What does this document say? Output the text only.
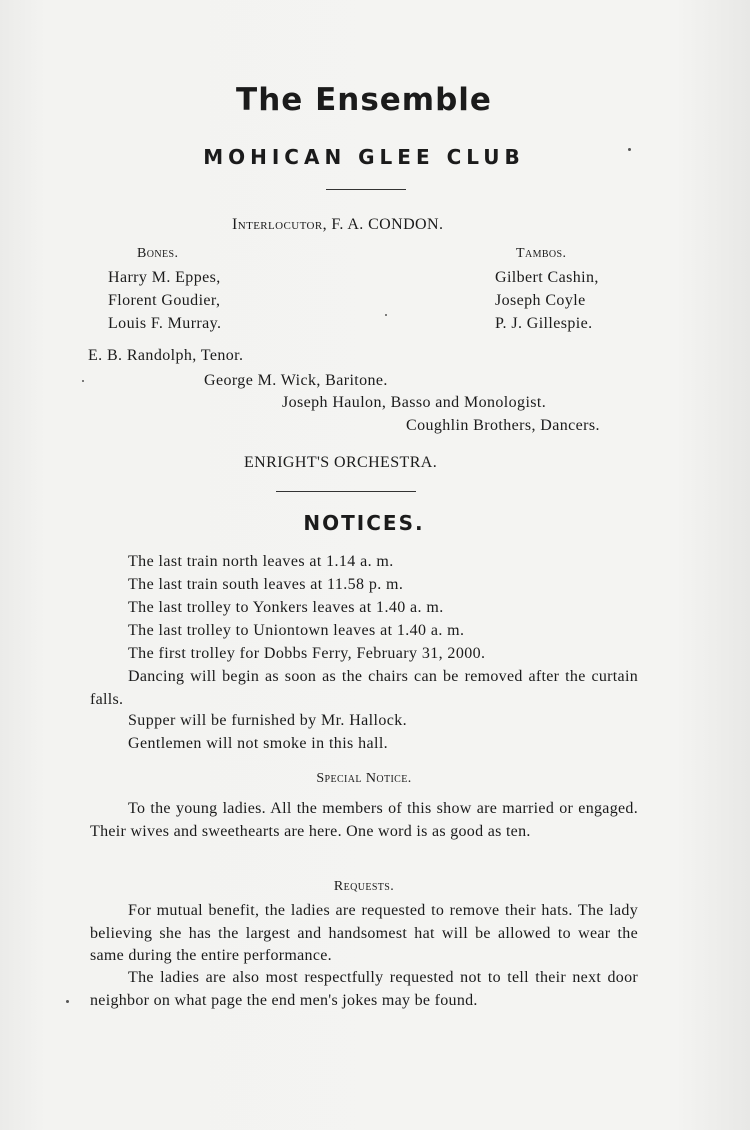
The Ensemble
MOHICAN GLEE CLUB
Interlocutor, F. A. CONDON.
Bones.
Harry M. Eppes,
Florent Goudier,
Louis F. Murray.
Tambos.
Gilbert Cashin,
Joseph Coyle
P. J. Gillespie.
E. B. Randolph, Tenor.
George M. Wick, Baritone.
Joseph Haulon, Basso and Monologist.
Coughlin Brothers, Dancers.
ENRIGHT'S ORCHESTRA.
NOTICES.
The last train north leaves at 1.14 a. m.
The last train south leaves at 11.58 p. m.
The last trolley to Yonkers leaves at 1.40 a. m.
The last trolley to Uniontown leaves at 1.40 a. m.
The first trolley for Dobbs Ferry, February 31, 2000.
Dancing will begin as soon as the chairs can be removed after the curtain falls.
Supper will be furnished by Mr. Hallock.
Gentlemen will not smoke in this hall.
Special Notice.
To the young ladies. All the members of this show are married or engaged. Their wives and sweethearts are here. One word is as good as ten.
Requests.
For mutual benefit, the ladies are requested to remove their hats. The lady believing she has the largest and handsomest hat will be allowed to wear the same during the entire performance.
The ladies are also most respectfully requested not to tell their next door neighbor on what page the end men's jokes may be found.
